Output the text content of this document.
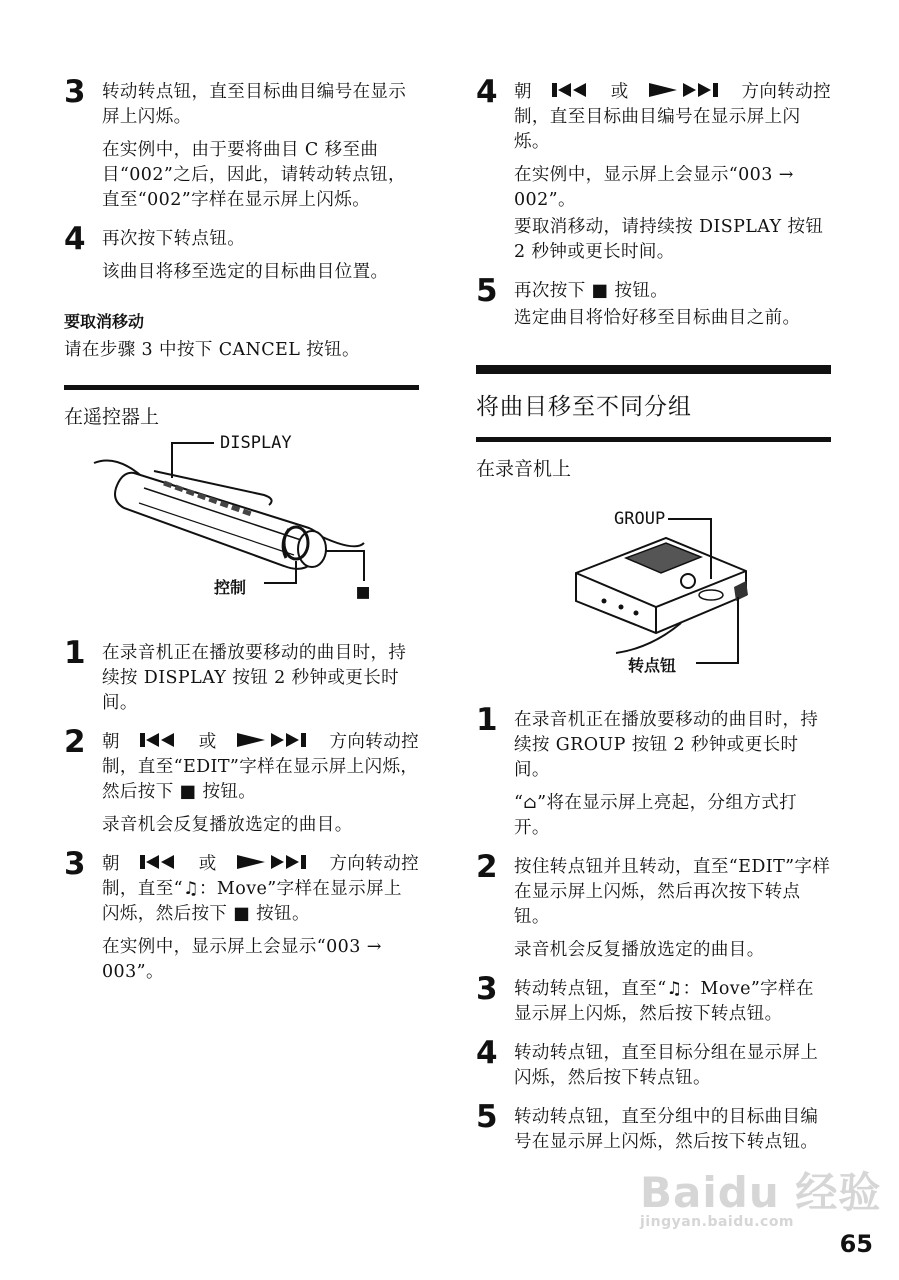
3 转动转点钮，直至目标曲目编号在显示屏上闪烁。

在实例中，由于要将曲目 C 移至曲目“002”之后，因此，请转动转点钮，直至“002”字样在显示屏上闪烁。

4 再次按下转点钮。

该曲目将移至选定的目标曲目位置。

要取消移动

请在步骤 3 中按下 CANCEL 按钮。

在遥控器上
DISPLAY
控制	■
1 在录音机正在播放要移动的曲目时，持续按 DISPLAY 按钮 2 秒钟或更长时间。

2 朝	或	方向转动控

制，直至“EDIT”字样在显示屏上闪烁，然后按下 ■ 按钮。

录音机会反复播放选定的曲目。

3 朝	或	方向转动控

制，直至“♫：Move”字样在显示屏上闪烁，然后按下 ■ 按钮。

在实例中，显示屏上会显示“003 → 003”。

4 朝	或	方向转动控

制，直至目标曲目编号在显示屏上闪烁。

在实例中，显示屏上会显示“003 → 002”。

要取消移动，请持续按 DISPLAY 按钮 2 秒钟或更长时间。

5 再次按下 ■ 按钮。

选定曲目将恰好移至目标曲目之前。

将曲目移至不同分组
在录音机上
GROUP
转点钮
1 在录音机正在播放要移动的曲目时，持续按 GROUP 按钮 2 秒钟或更长时间。

“⌂”将在显示屏上亮起，分组方式打开。

2 按住转点钮并且转动，直至“EDIT”字样在显示屏上闪烁，然后再次按下转点钮。

录音机会反复播放选定的曲目。

3 转动转点钮，直至“♫：Move”字样在显示屏上闪烁，然后按下转点钮。

4 转动转点钮，直至目标分组在显示屏上闪烁，然后按下转点钮。

5 转动转点钮，直至分组中的目标曲目编号在显示屏上闪烁，然后按下转点钮。

Baidu 经验
jingyan.baidu.com
65
